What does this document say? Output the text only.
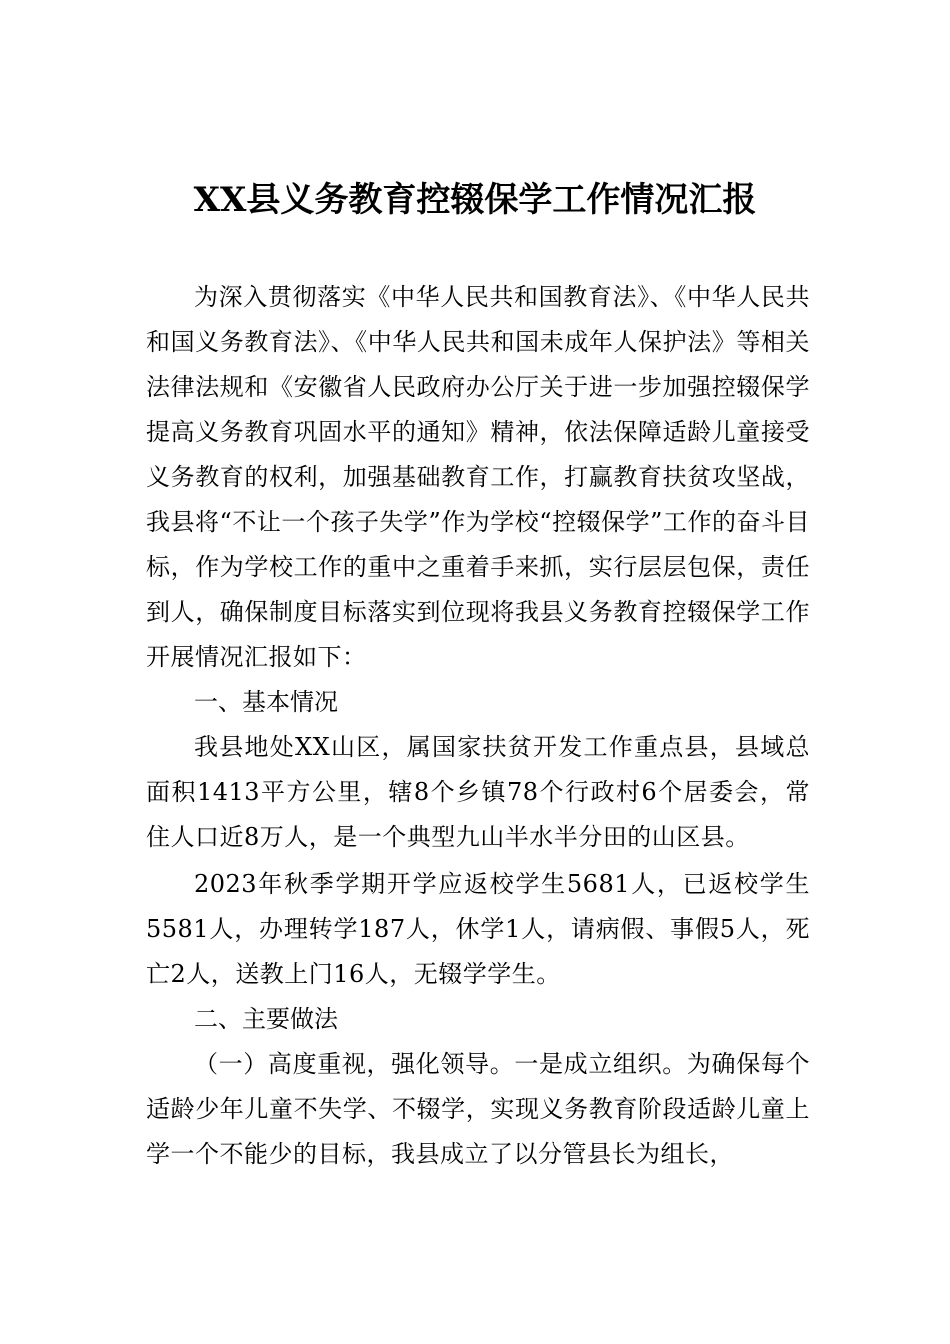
XX县义务教育控辍保学工作情况汇报

为深入贯彻落实《中华人民共和国教育法》、《中华人民共和国义务教育法》、《中华人民共和国未成年人保护法》等相关法律法规和《安徽省人民政府办公厅关于进一步加强控辍保学提高义务教育巩固水平的通知》精神，依法保障适龄儿童接受义务教育的权利，加强基础教育工作，打赢教育扶贫攻坚战，我县将“不让一个孩子失学”作为学校“控辍保学”工作的奋斗目标，作为学校工作的重中之重着手来抓，实行层层包保，责任到人，确保制度目标落实到位现将我县义务教育控辍保学工作开展情况汇报如下：

一、基本情况

我县地处XX山区，属国家扶贫开发工作重点县，县域总面积1413平方公里，辖8个乡镇78个行政村6个居委会，常住人口近8万人，是一个典型九山半水半分田的山区县。

2023年秋季学期开学应返校学生5681人，已返校学生5581人，办理转学187人，休学1人，请病假、事假5人，死亡2人，送教上门16人，无辍学学生。

二、主要做法

（一）高度重视，强化领导。一是成立组织。为确保每个适龄少年儿童不失学、不辍学，实现义务教育阶段适龄儿童上学一个不能少的目标，我县成立了以分管县长为组长，
